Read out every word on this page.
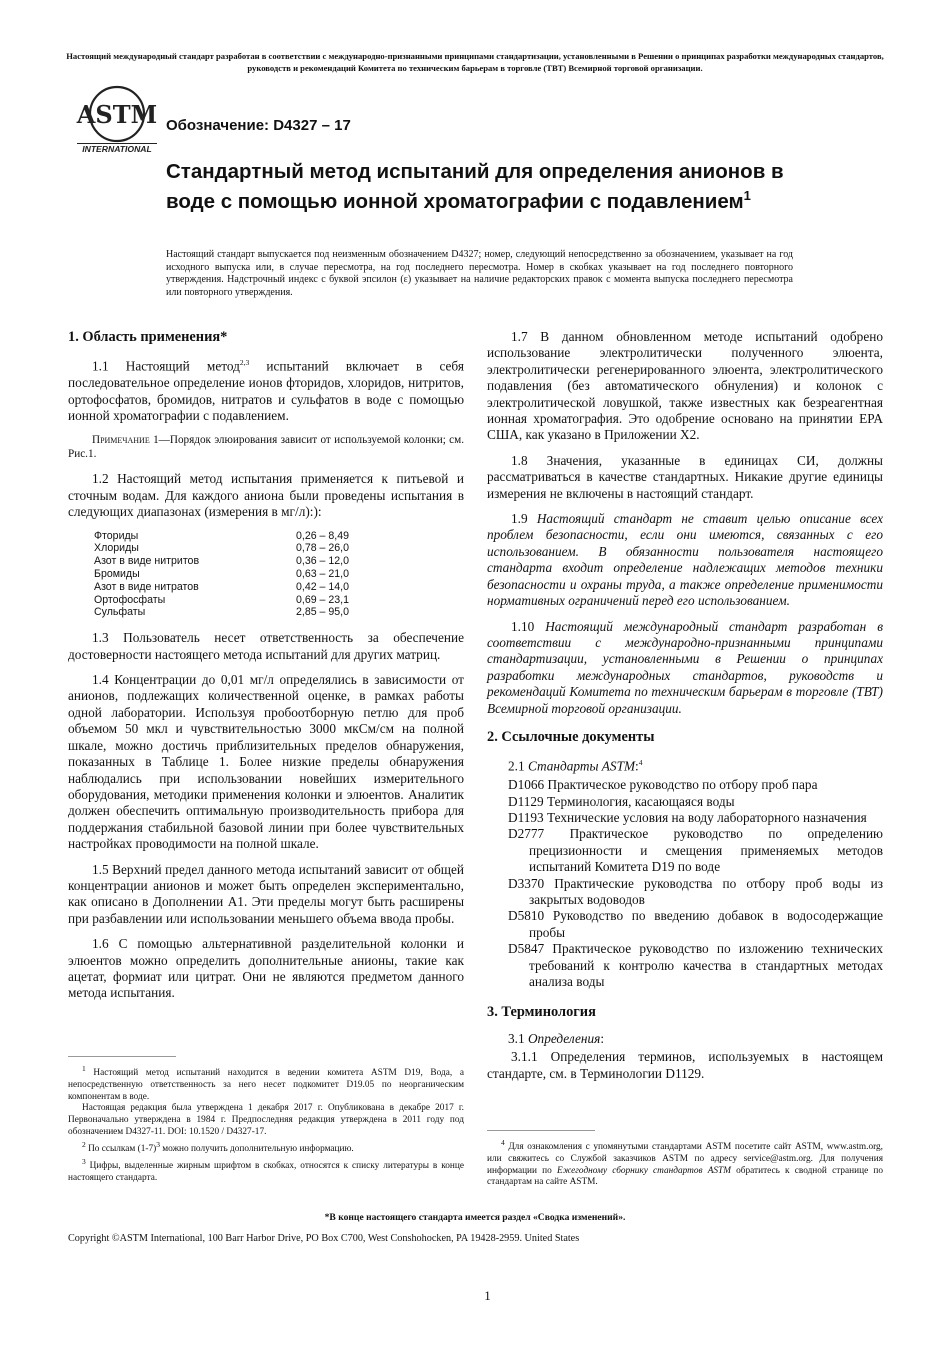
Настоящий международный стандарт разработан в соответствии с международно-признанными принципами стандартизации, установленными в Решении о принципах разработки международных стандартов, руководств и рекомендаций Комитета по техническим барьерам в торговле (ТВТ) Всемирной торговой организации.
ASTM
INTERNATIONAL
Обозначение: D4327 – 17
Стандартный метод испытаний для определения анионов в воде с помощью ионной хроматографии с подавлением$^1$

Настоящий стандарт выпускается под неизменным обозначением D4327; номер, следующий непосредственно за обозначением, указывает на год исходного выпуска или, в случае пересмотра, на год последнего пересмотра. Номер в скобках указывает на год последнего повторного утверждения. Надстрочный индекс с буквой эпсилон (ε) указывает на наличие редакторских правок с момента выпуска последнего пересмотра или повторного утверждения.

1. Область применения*

1.1 Настоящий метод$^{2,3}$ испытаний включает в себя последовательное определение ионов фторидов, хлоридов, нитритов, ортофосфатов, бромидов, нитратов и сульфатов в воде с помощью ионной хроматографии с подавлением.

Примечание 1—Порядок элюирования зависит от используемой колонки; см. Рис.1.

1.2 Настоящий метод испытания применяется к питьевой и сточным водам. Для каждого аниона были проведены испытания в следующих диапазонах (измерения в мг/л):):

Фториды	0,26 – 8,49
Хлориды	0,78 – 26,0
Азот в виде нитритов	0,36 – 12,0
Бромиды	0,63 – 21,0
Азот в виде нитратов	0,42 – 14,0
Ортофосфаты	0,69 – 23,1
Сульфаты	2,85 – 95,0

1.3 Пользователь несет ответственность за обеспечение достоверности настоящего метода испытаний для других матриц.

1.4 Концентрации до 0,01 мг/л определялись в зависимости от анионов, подлежащих количественной оценке, в рамках работы одной лаборатории. Используя пробоотборную петлю для проб объемом 50 мкл и чувствительностью 3000 мкСм/см на полной шкале, можно достичь приблизительных пределов обнаружения, показанных в Таблице 1. Более низкие пределы обнаружения наблюдались при использовании новейших измерительного оборудования, методики применения колонки и элюентов. Аналитик должен обеспечить оптимальную производительность прибора для поддержания стабильной базовой линии при более чувствительных настройках проводимости на полной шкале.

1.5 Верхний предел данного метода испытаний зависит от общей концентрации анионов и может быть определен экспериментально, как описано в Дополнении А1. Эти пределы могут быть расширены при разбавлении или использовании меньшего объема ввода пробы.

1.6 С помощью альтернативной разделительной колонки и элюентов можно определить дополнительные анионы, такие как ацетат, формиат или цитрат. Они не являются предметом данного метода испытания.

$^1$ Настоящий метод испытаний находится в ведении комитета ASTM D19, Вода, а непосредственную ответственность за него несет подкомитет D19.05 по неорганическим компонентам в воде.

Настоящая редакция была утверждена 1 декабря 2017 г. Опубликована в декабре 2017 г. Первоначально утверждена в 1984 г. Предпоследняя редакция утверждена в 2011 году под обозначением D4327-11. DOI: 10.1520 / D4327-17.

$^2$ По ссылкам $(1-7)^3$ можно получить дополнительную информацию.

$^3$ Цифры, выделенные жирным шрифтом в скобках, относятся к списку литературы в конце настоящего стандарта.

1.7 В данном обновленном методе испытаний одобрено использование электролитически полученного элюента, электролитически регенерированного элюента, электролитического подавления (без автоматического обнуления) и колонок с электролитической ловушкой, также известных как безреагентная ионная хроматография. Это одобрение основано на принятии EPA США, как указано в Приложении X2.

1.8 Значения, указанные в единицах СИ, должны рассматриваться в качестве стандартных. Никакие другие единицы измерения не включены в настоящий стандарт.

1.9 Настоящий стандарт не ставит целью описание всех проблем безопасности, если они имеются, связанных с его использованием. В обязанности пользователя настоящего стандарта входит определение надлежащих методов техники безопасности и охраны труда, а также определение применимости нормативных ограничений перед его использованием.

1.10 Настоящий международный стандарт разработан в соответствии с международно-признанными принципами стандартизации, установленными в Решении о принципах разработки международных стандартов, руководств и рекомендаций Комитета по техническим барьерам в торговле (ТВТ) Всемирной торговой организации.

2. Ссылочные документы

2.1 Стандарты ASTM:$^4$

D1066 Практическое руководство по отбору проб пара

D1129 Терминология, касающаяся воды

D1193 Технические условия на воду лабораторного назначения

D2777 Практическое руководство по определению прецизионности и смещения применяемых методов испытаний Комитета D19 по воде

D3370 Практические руководства по отбору проб воды из закрытых водоводов

D5810 Руководство по введению добавок в водосодержащие пробы

D5847 Практическое руководство по изложению технических требований к контролю качества в стандартных методах анализа воды

3. Терминология

3.1 Определения:

3.1.1 Определения терминов, используемых в настоящем стандарте, см. в Терминологии D1129.

$^4$ Для ознакомления с упомянутыми стандартами ASTM посетите сайт ASTM, www.astm.org, или свяжитесь со Службой заказчиков ASTM по адресу service@astm.org. Для получения информации по Ежегодному сборнику стандартов ASTM обратитесь к сводной странице по стандартам на сайте ASTM.

*В конце настоящего стандарта имеется раздел «Сводка изменений».
Copyright ©ASTM International, 100 Barr Harbor Drive, PO Box C700, West Conshohocken, PA 19428-2959. United States
1
